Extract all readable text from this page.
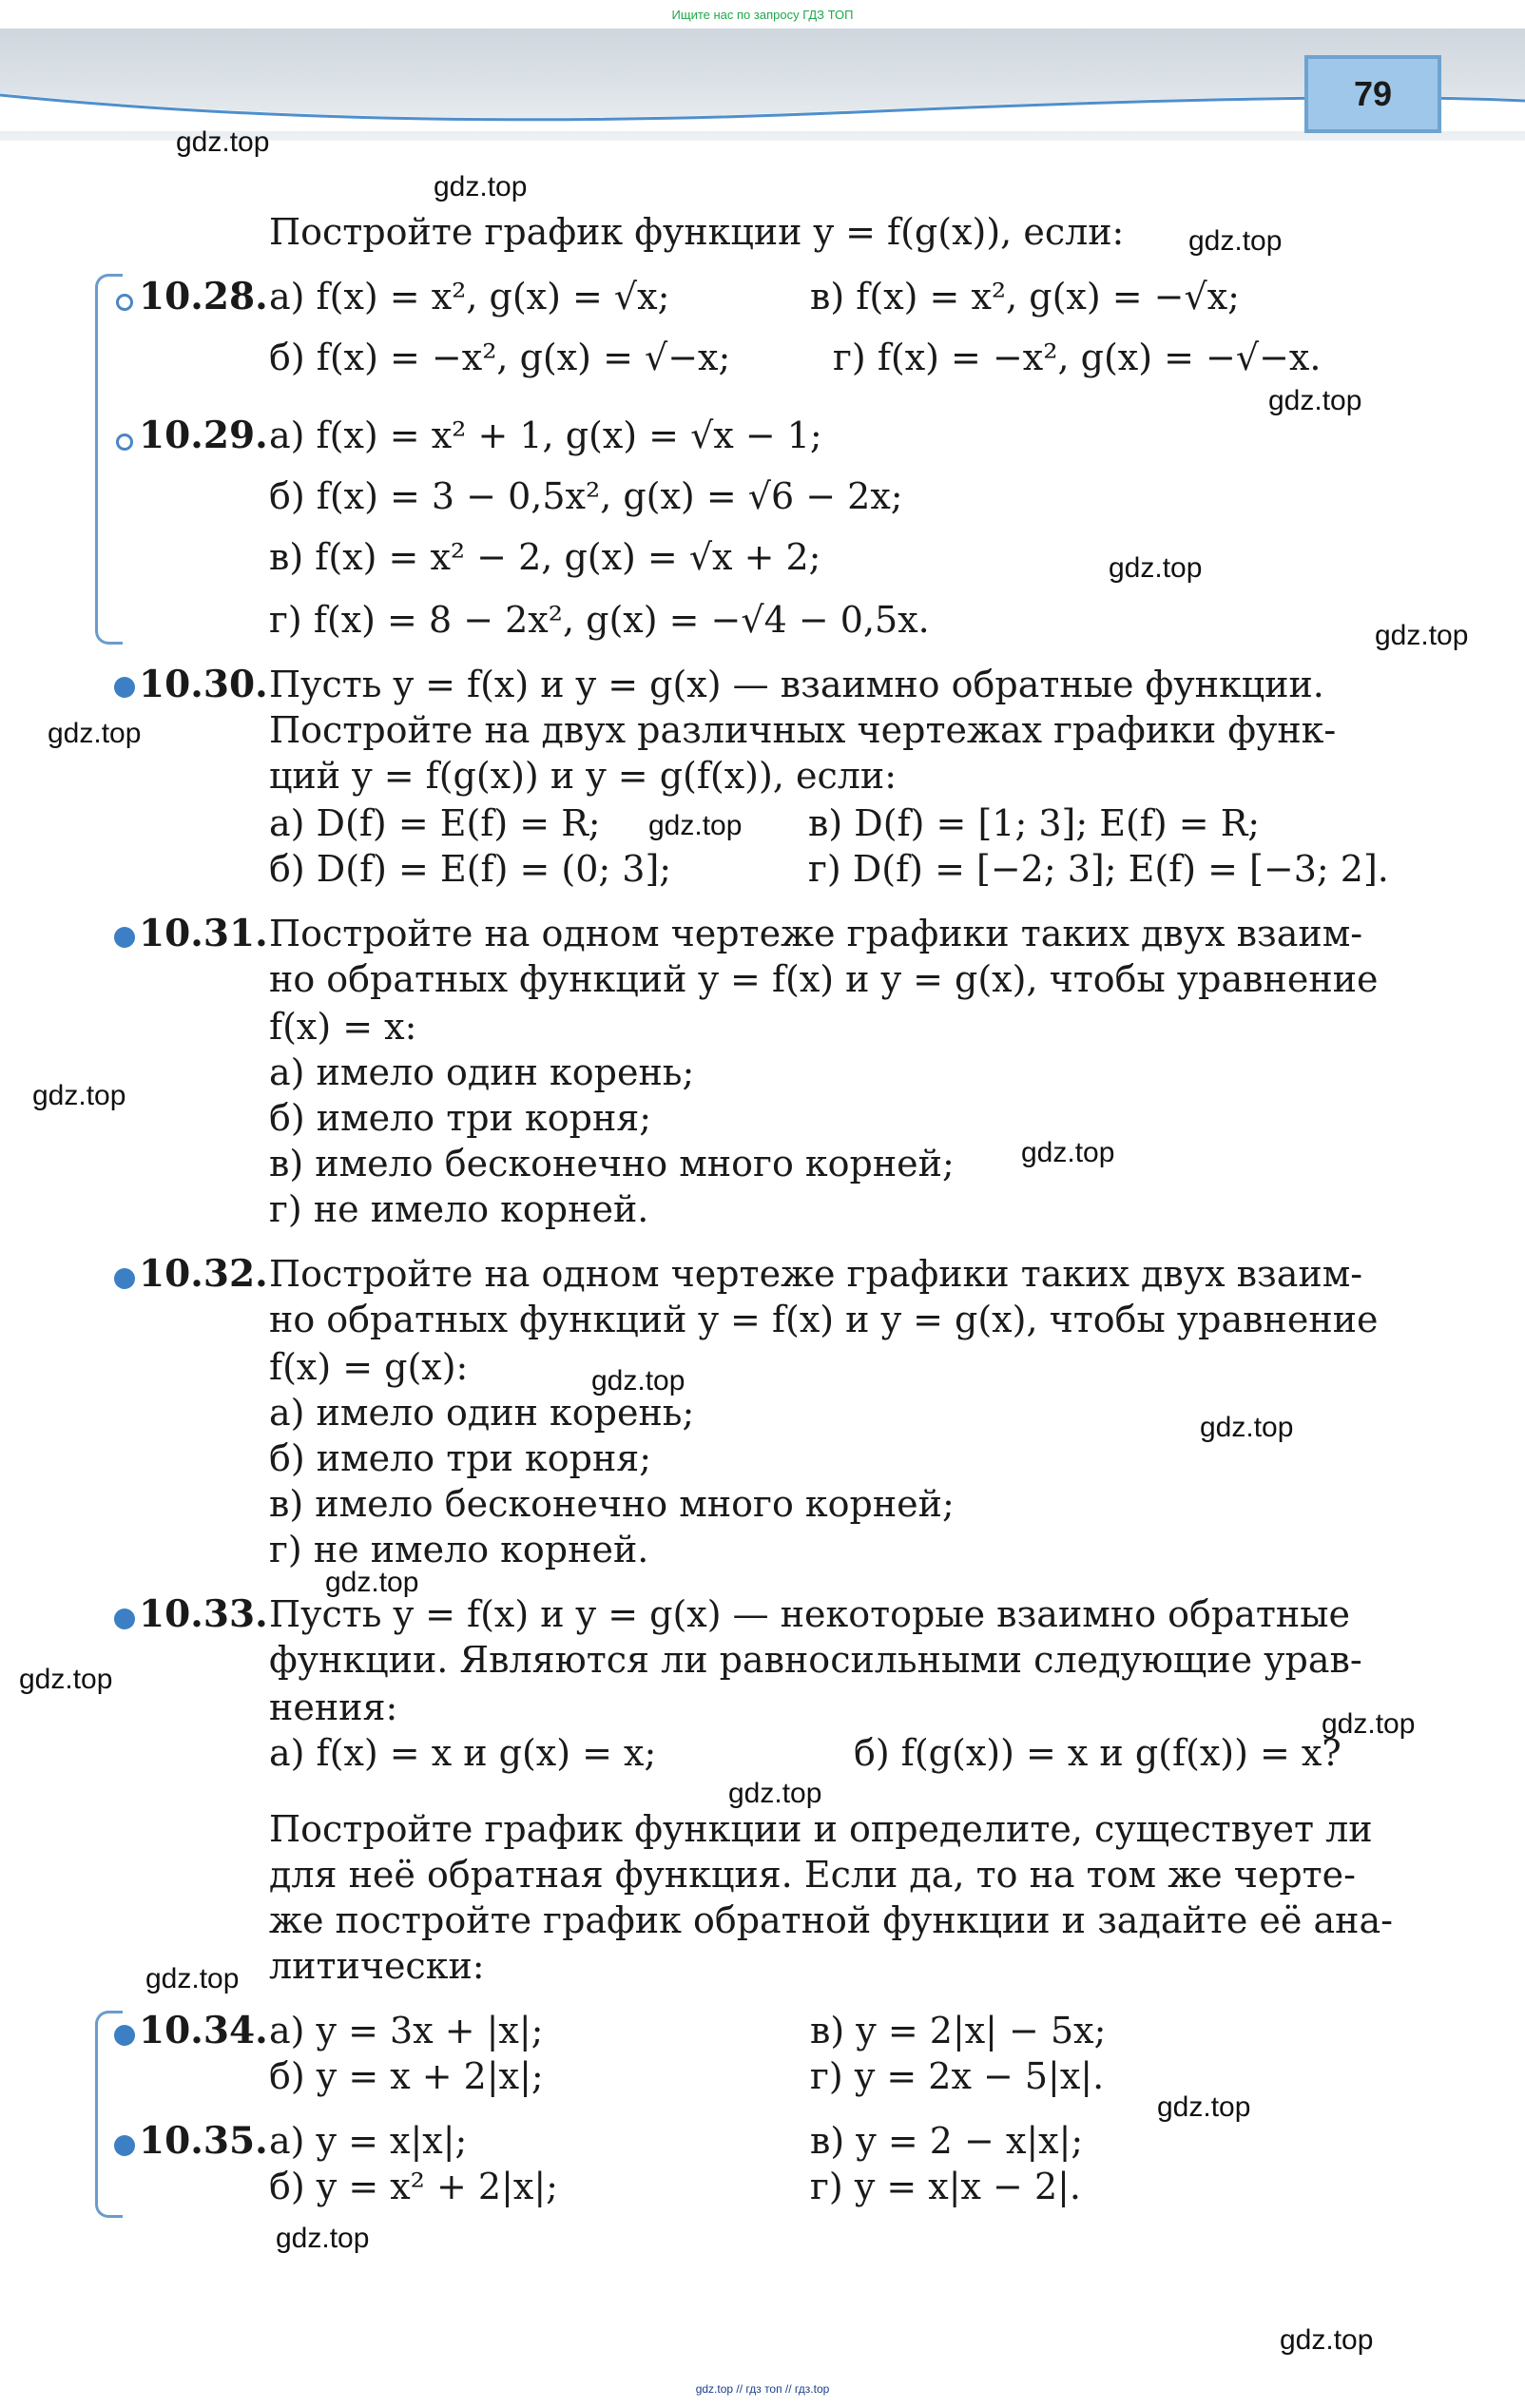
Ищите нас по запросу ГДЗ ТОП
79
gdz.top
gdz.top
gdz.top
gdz.top
gdz.top
gdz.top
gdz.top
gdz.top
gdz.top
gdz.top
gdz.top
gdz.top
gdz.top
gdz.top
gdz.top
gdz.top
gdz.top
gdz.top
gdz.top
gdz.top
Постройте график функции y = f(g(x)), если:
10.28. а) f(x) = x², g(x) = √x;	в) f(x) = x², g(x) = −√x;
б) f(x) = −x², g(x) = √−x;	г) f(x) = −x², g(x) = −√−x.
10.29. а) f(x) = x² + 1, g(x) = √x − 1;
б) f(x) = 3 − 0,5x², g(x) = √6 − 2x;
в) f(x) = x² − 2, g(x) = √x + 2;
г) f(x) = 8 − 2x², g(x) = −√4 − 0,5x.
10.30. Пусть y = f(x) и y = g(x) — взаимно обратные функции.
Постройте на двух различных чертежах графики функ-
ций y = f(g(x)) и y = g(f(x)), если:
а) D(f) = E(f) = R;	в) D(f) = [1; 3]; E(f) = R;
б) D(f) = E(f) = (0; 3];	г) D(f) = [−2; 3]; E(f) = [−3; 2].
10.31. Постройте на одном чертеже графики таких двух взаим-
но обратных функций y = f(x) и y = g(x), чтобы уравнение
f(x) = x:
а) имело один корень;
б) имело три корня;
в) имело бесконечно много корней;
г) не имело корней.
10.32. Постройте на одном чертеже графики таких двух взаим-
но обратных функций y = f(x) и y = g(x), чтобы уравнение
f(x) = g(x):
а) имело один корень;
б) имело три корня;
в) имело бесконечно много корней;
г) не имело корней.
10.33. Пусть y = f(x) и y = g(x) — некоторые взаимно обратные
функции. Являются ли равносильными следующие урав-
нения:
а) f(x) = x и g(x) = x;	б) f(g(x)) = x и g(f(x)) = x?
Постройте график функции и определите, существует ли
для неё обратная функция. Если да, то на том же черте-
же постройте график обратной функции и задайте её ана-
литически:
10.34. а) y = 3x + |x|;	в) y = 2|x| − 5x;
б) y = x + 2|x|;	г) y = 2x − 5|x|.
10.35. а) y = x|x|;	в) y = 2 − x|x|;
б) y = x² + 2|x|;	г) y = x|x − 2|.
gdz.top // гдз топ // гдз.top
